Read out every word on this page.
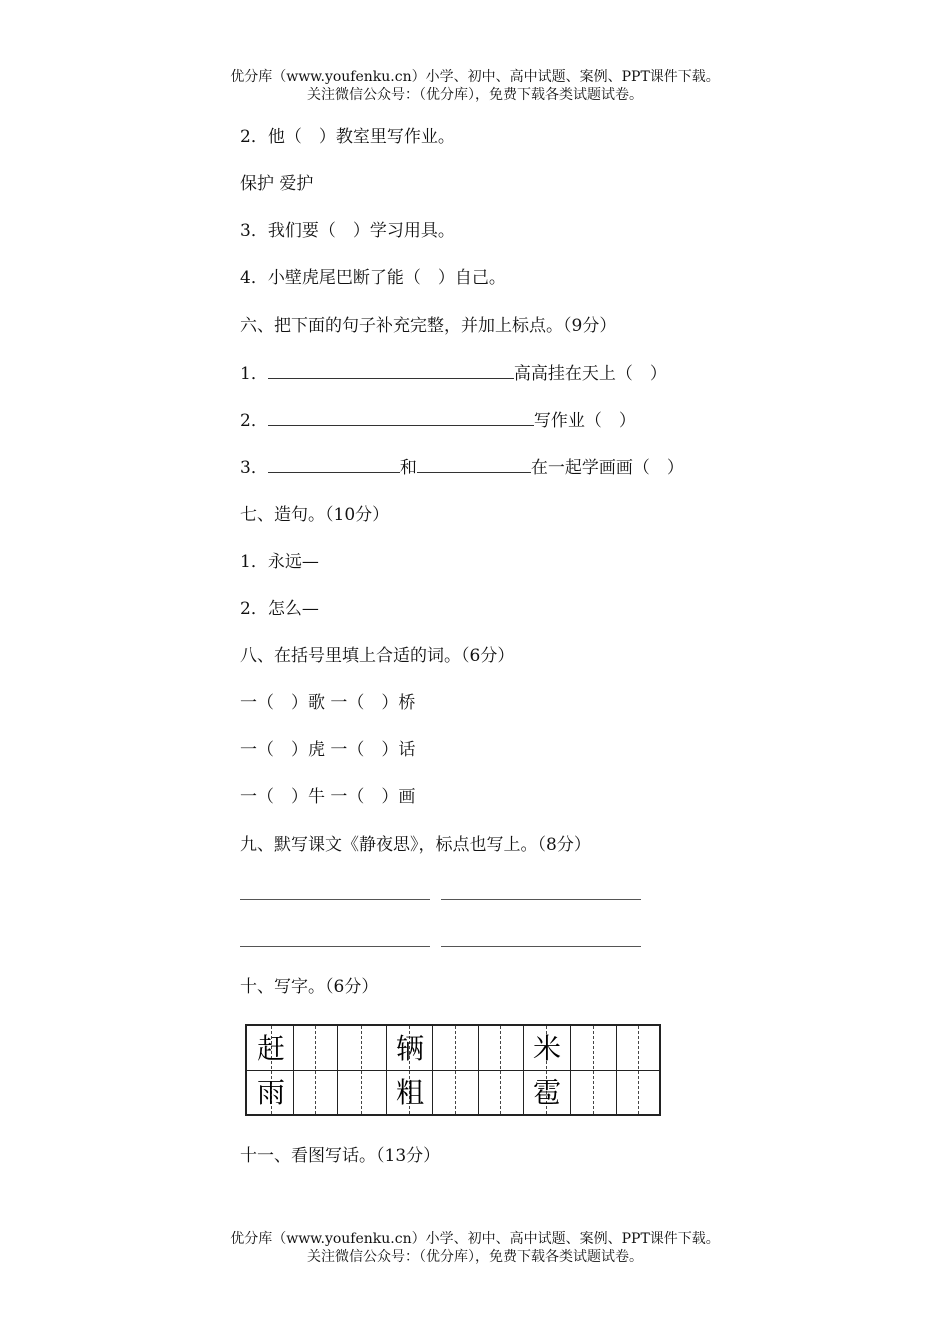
优分库（www.youfenku.cn）小学、初中、高中试题、案例、PPT课件下载。
关注微信公众号：（优分库），免费下载各类试题试卷。
2．他（　）教室里写作业。
保护 爱护
3．我们要（　）学习用具。
4．小壁虎尾巴断了能（　）自己。
六、把下面的句子补充完整，并加上标点。（9分）
1．	高高挂在天上（　）
2．	写作业（　）
3．	和	在一起学画画（　）
七、造句。（10分）
1．永远—
2．怎么—
八、在括号里填上合适的词。（6分）
一（　）歌 一（　）桥
一（　）虎 一（　）话
一（　）牛 一（　）画
九、默写课文《静夜思》，标点也写上。（8分）
十、写字。（6分）
赶	辆	米
雨	粗	雹
十一、看图写话。（13分）
优分库（www.youfenku.cn）小学、初中、高中试题、案例、PPT课件下载。
关注微信公众号：（优分库），免费下载各类试题试卷。
